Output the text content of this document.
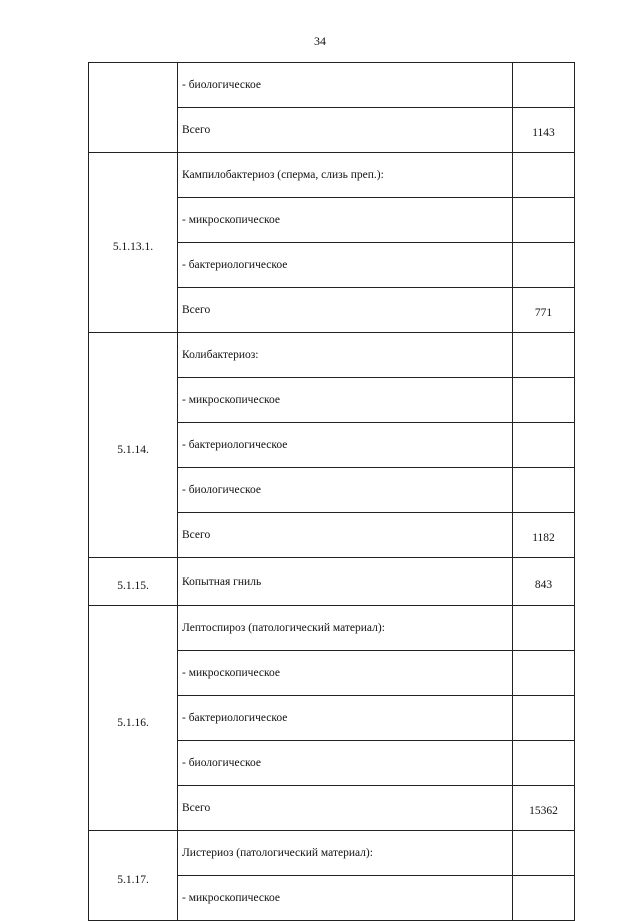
34
	- биологическое	
	Всего	1143
5.1.13.1.	Кампилобактериоз (сперма, слизь преп.):	
	- микроскопическое	
	- бактериологическое	
	Всего	771
5.1.14.	Колибактериоз:	
	- микроскопическое	
	- бактериологическое	
	- биологическое	
	Всего	1182
5.1.15.	Копытная гниль	843
5.1.16.	Лептоспироз (патологический материал):	
	- микроскопическое	
	- бактериологическое	
	- биологическое	
	Всего	15362
5.1.17.	Листериоз (патологический материал):	
	- микроскопическое	
